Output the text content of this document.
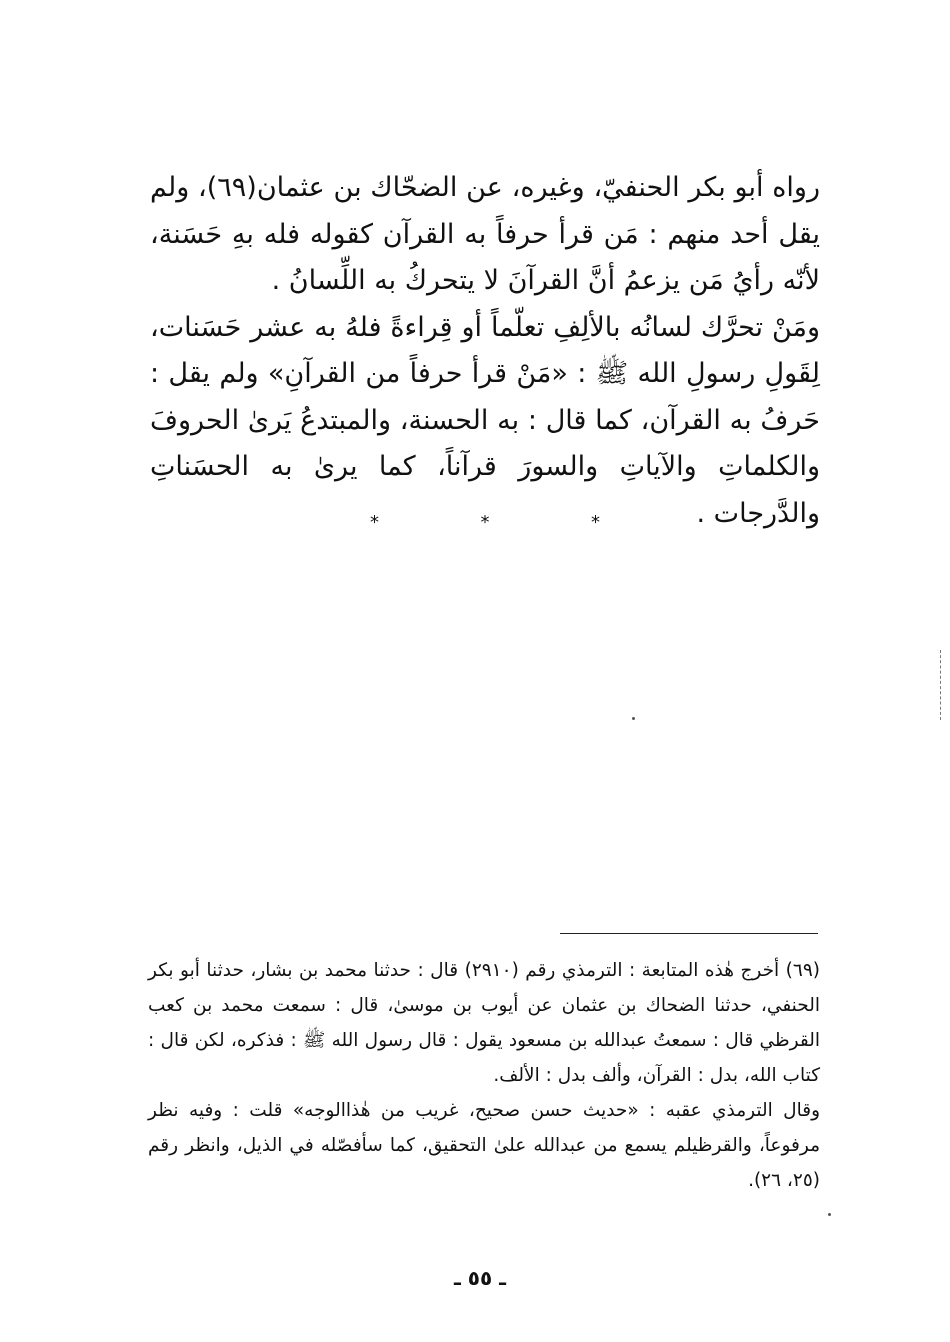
رواه أبو بكر الحنفيّ، وغيره، عن الضحّاك بن عثمان(٦٩)، ولم يقل أحد منهم : مَن قرأ حرفاً به القرآن كقوله فله بهِ حَسَنة، لأنّه رأيُ مَن يزعمُ أنَّ القرآنَ لا يتحركُ به اللِّسانُ .

ومَنْ تحرَّك لسانُه بالألِفِ تعلّماً أو قِراءةً فلهُ به عشر حَسَنات، لِقَولِ رسولِ الله ﷺ : «مَنْ قرأ حرفاً من القرآنِ» ولم يقل : حَرفُ به القرآن، كما قال : به الحسنة، والمبتدعُ يَرىٰ الحروفَ والكلماتِ والآياتِ والسورَ قرآناً، كما يرىٰ به الحسَناتِ والدَّرجات .

*
*
*

(٦٩) أخرج هٰذه المتابعة : الترمذي رقم (٢٩١٠) قال : حدثنا محمد بن بشار، حدثنا أبو بكر الحنفي، حدثنا الضحاك بن عثمان عن أيوب بن موسىٰ، قال : سمعت محمد بن كعب القرظي قال : سمعتُ عبدالله بن مسعود يقول : قال رسول الله ﷺ : فذكره، لكن قال : كتاب الله، بدل : القرآن، وألف بدل : الألف.

وقال الترمذي عقبه : «حديث حسن صحيح، غريب من هٰذاالوجه» قلت : وفيه نظر مرفوعاً، والقرظيلم يسمع من عبدالله علىٰ التحقيق، كما سأفصّله في الذيل، وانظر رقم (٢٥، ٢٦).

ـ ٥٥ ـ
